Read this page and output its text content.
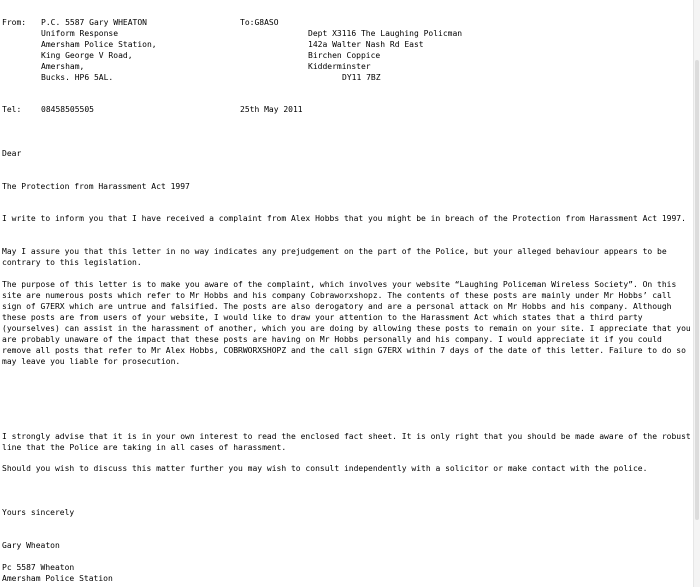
From: P.C. 5587 Gary WHEATON
Uniform Response
Amersham Police Station,
King George V Road,
Amersham,
Bucks. HP6 5AL.
To:G8ASO
Dept X3116 The Laughing Policman
142a Walter Nash Rd East
Birchen Coppice
Kidderminster
DY11 7BZ
Tel: 08458505505	25th May 2011
Dear
The Protection from Harassment Act 1997
I write to inform you that I have received a complaint from Alex Hobbs that you might be in breach of the Protection from Harassment Act 1997.
May I assure you that this letter in no way indicates any prejudgement on the part of the Police, but your alleged behaviour appears to be contrary to this legislation.
The purpose of this letter is to make you aware of the complaint, which involves your website “Laughing Policeman Wireless Society”. On this site are numerous posts which refer to Mr Hobbs and his company Cobraworxshopz. The contents of these posts are mainly under Mr Hobbs’ call sign of G7ERX which are untrue and falsified. The posts are also derogatory and are a personal attack on Mr Hobbs and his company. Although these posts are from users of your website, I would like to draw your attention to the Harassment Act which states that a third party (yourselves) can assist in the harassment of another, which you are doing by allowing these posts to remain on your site. I appreciate that you are probably unaware of the impact that these posts are having on Mr Hobbs personally and his company. I would appreciate it if you could remove all posts that refer to Mr Alex Hobbs, COBRWORXSHOPZ and the call sign G7ERX within 7 days of the date of this letter. Failure to do so may leave you liable for prosecution.
I strongly advise that it is in your own interest to read the enclosed fact sheet. It is only right that you should be made aware of the robust line that the Police are taking in all cases of harassment.
Should you wish to discuss this matter further you may wish to consult independently with a solicitor or make contact with the police.
Yours sincerely
Gary Wheaton
Pc 5587 Wheaton
Amersham Police Station
